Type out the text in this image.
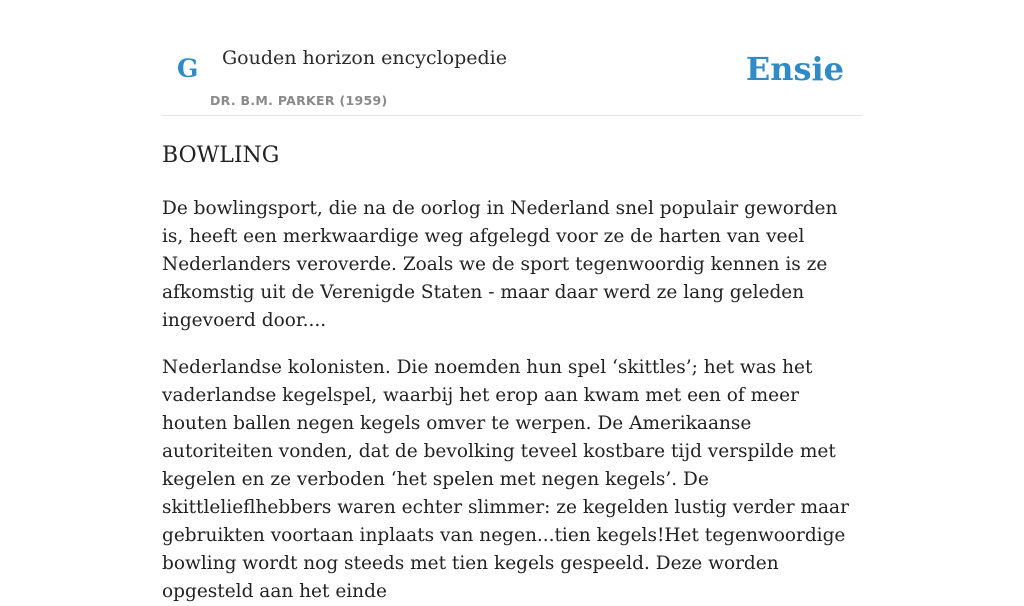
G Gouden horizon encyclopedie
DR. B.M. PARKER (1959)
Ensie
BOWLING

De bowlingsport, die na de oorlog in Nederland snel populair geworden is, heeft een merkwaardige weg afgelegd voor ze de harten van veel Nederlanders veroverde. Zoals we de sport tegenwoordig kennen is ze afkomstig uit de Verenigde Staten - maar daar werd ze lang geleden ingevoerd door....

Nederlandse kolonisten. Die noemden hun spel ‘skittles’; het was het vaderlandse kegelspel, waarbij het erop aan kwam met een of meer houten ballen negen kegels omver te werpen. De Amerikaanse autoriteiten vonden, dat de bevolking teveel kostbare tijd verspilde met kegelen en ze verboden ‘het spelen met negen kegels’. De skittlelieflhebbers waren echter slimmer: ze kegelden lustig verder maar gebruikten voortaan inplaats van negen...tien kegels!Het tegenwoordige bowling wordt nog steeds met tien kegels gespeeld. Deze worden opgesteld aan het einde
